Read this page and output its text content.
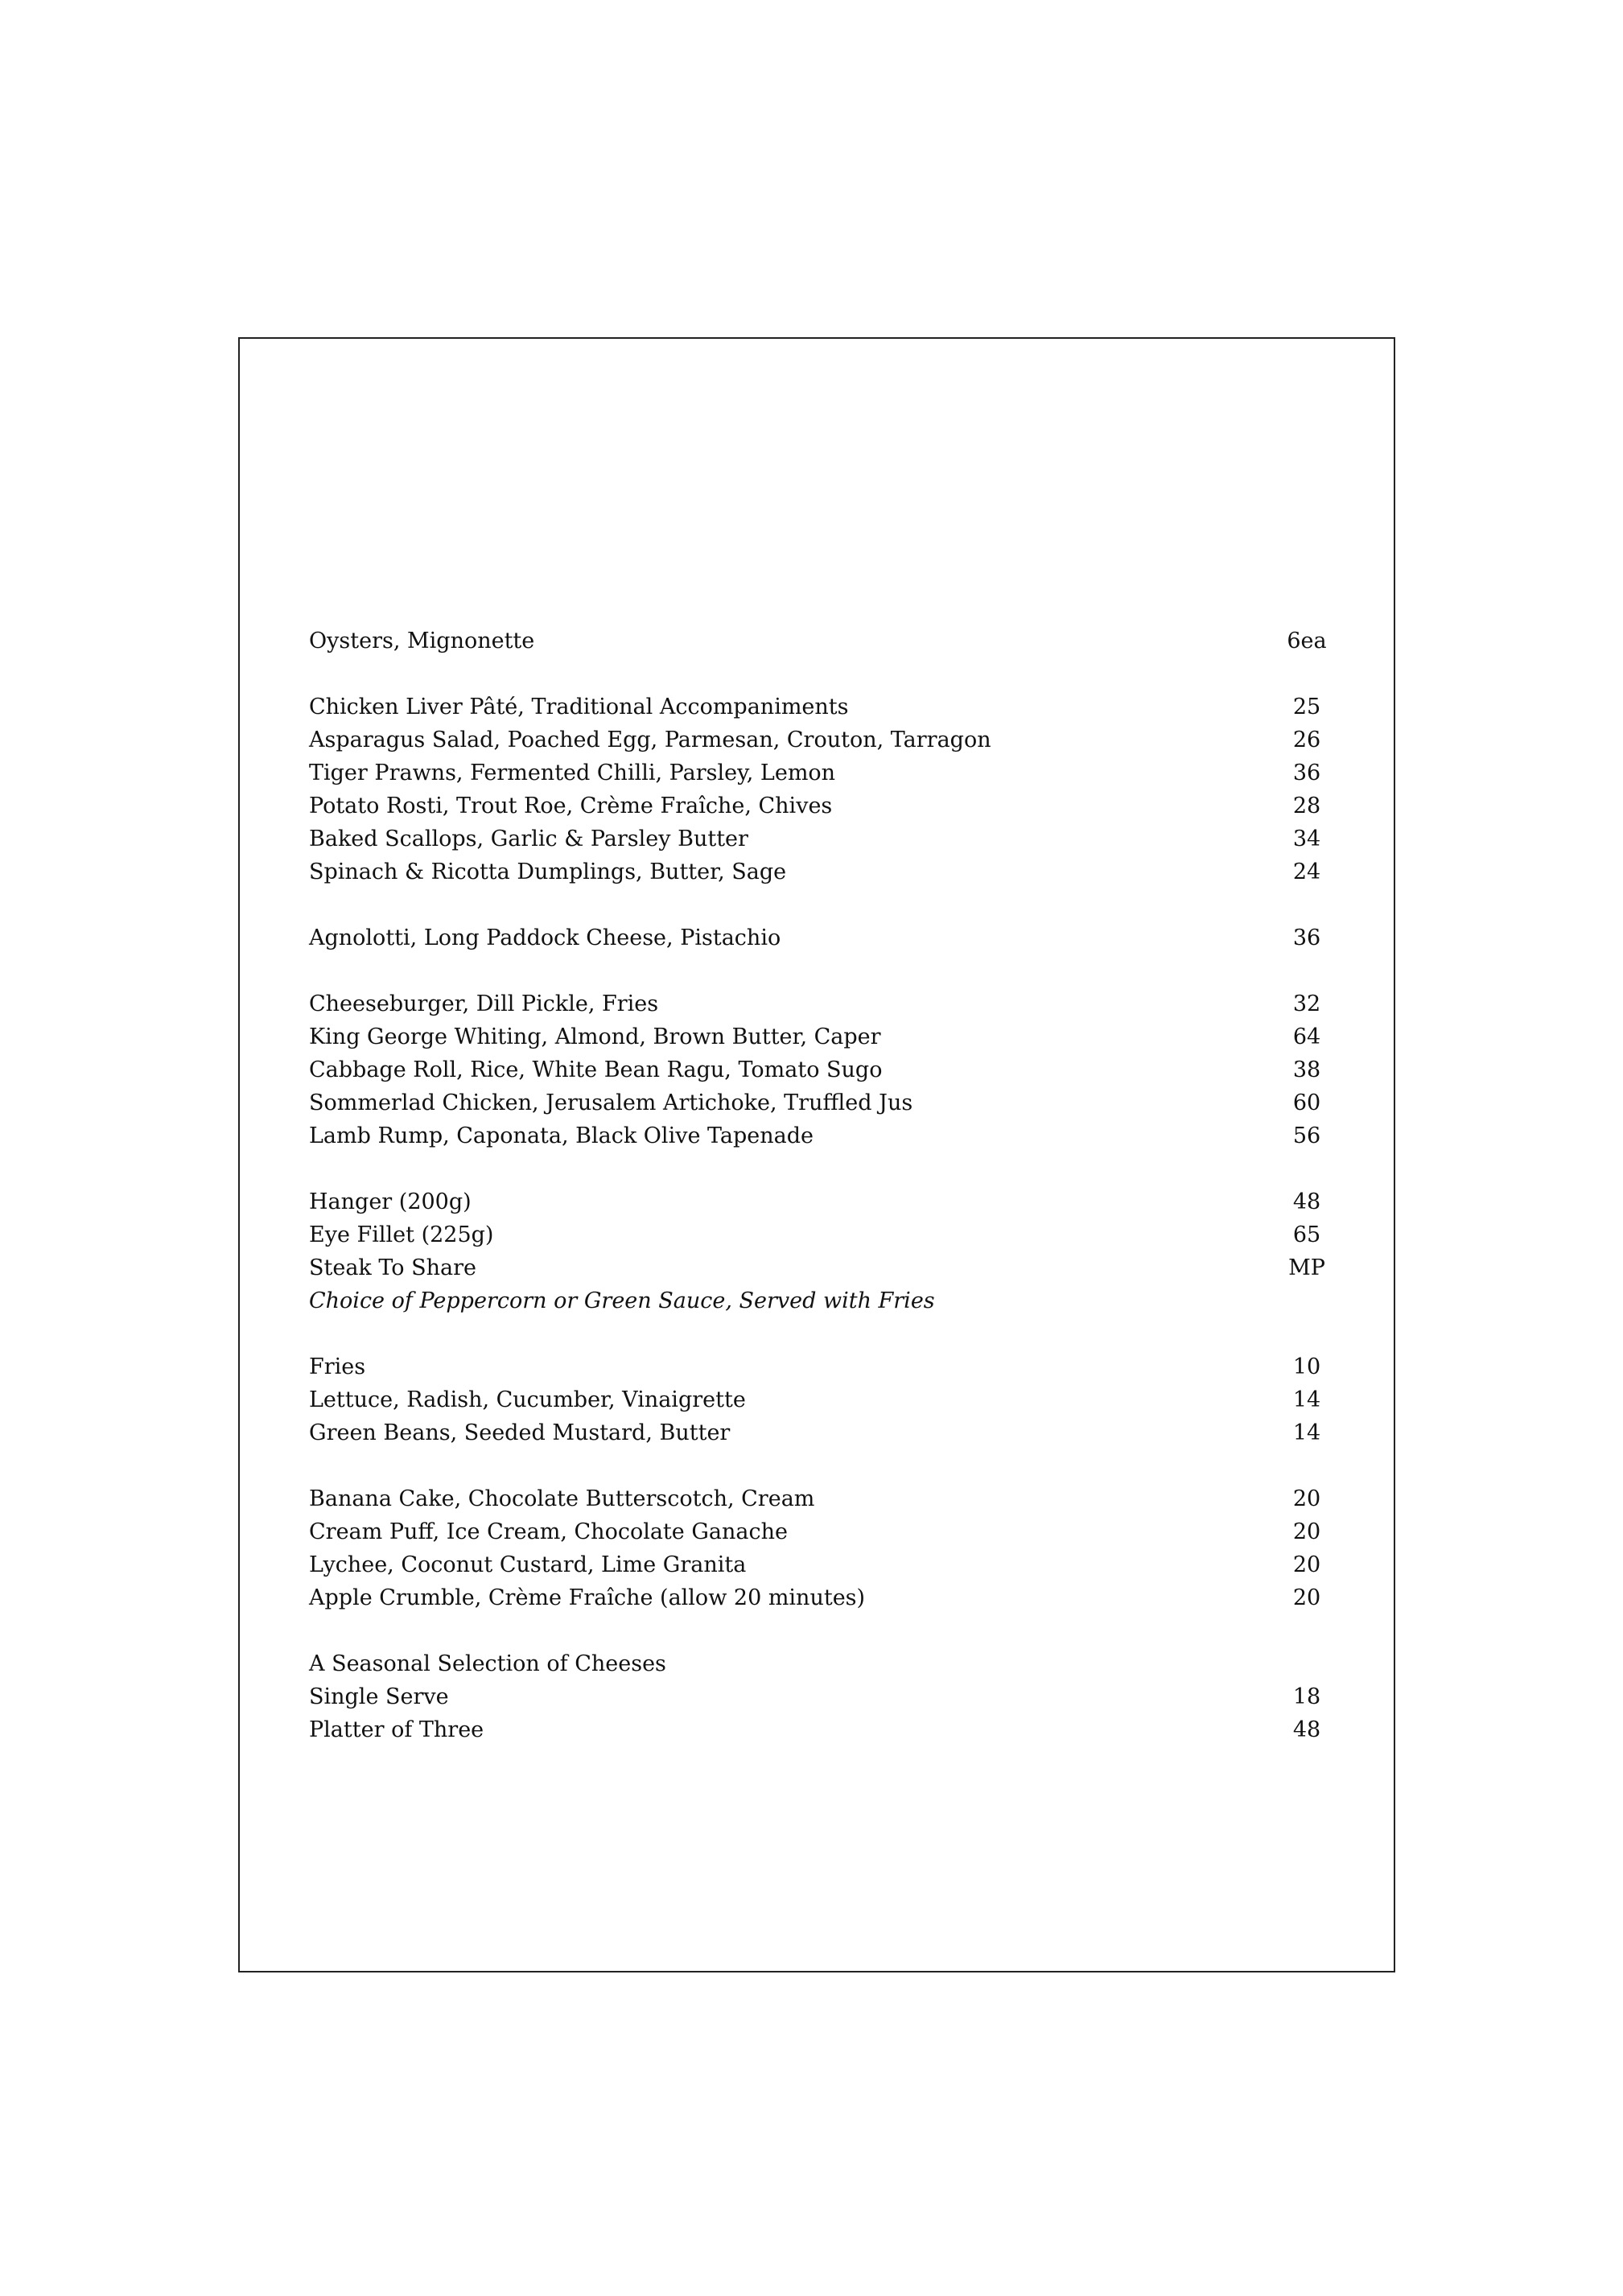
Oysters, Mignonette	6ea
Chicken Liver Pâté, Traditional Accompaniments	25
Asparagus Salad, Poached Egg, Parmesan, Crouton, Tarragon	26
Tiger Prawns, Fermented Chilli, Parsley, Lemon	36
Potato Rosti, Trout Roe, Crème Fraîche, Chives	28
Baked Scallops, Garlic & Parsley Butter	34
Spinach & Ricotta Dumplings, Butter, Sage	24
Agnolotti, Long Paddock Cheese, Pistachio	36
Cheeseburger, Dill Pickle, Fries	32
King George Whiting, Almond, Brown Butter, Caper	64
Cabbage Roll, Rice, White Bean Ragu, Tomato Sugo	38
Sommerlad Chicken, Jerusalem Artichoke, Truffled Jus	60
Lamb Rump, Caponata, Black Olive Tapenade	56
Hanger (200g)	48
Eye Fillet (225g)	65
Steak To Share	MP
Choice of Peppercorn or Green Sauce, Served with Fries
Fries	10
Lettuce, Radish, Cucumber, Vinaigrette	14
Green Beans, Seeded Mustard, Butter	14
Banana Cake, Chocolate Butterscotch, Cream	20
Cream Puff, Ice Cream, Chocolate Ganache	20
Lychee, Coconut Custard, Lime Granita	20
Apple Crumble, Crème Fraîche (allow 20 minutes)	20
A Seasonal Selection of Cheeses
Single Serve	18
Platter of Three	48
